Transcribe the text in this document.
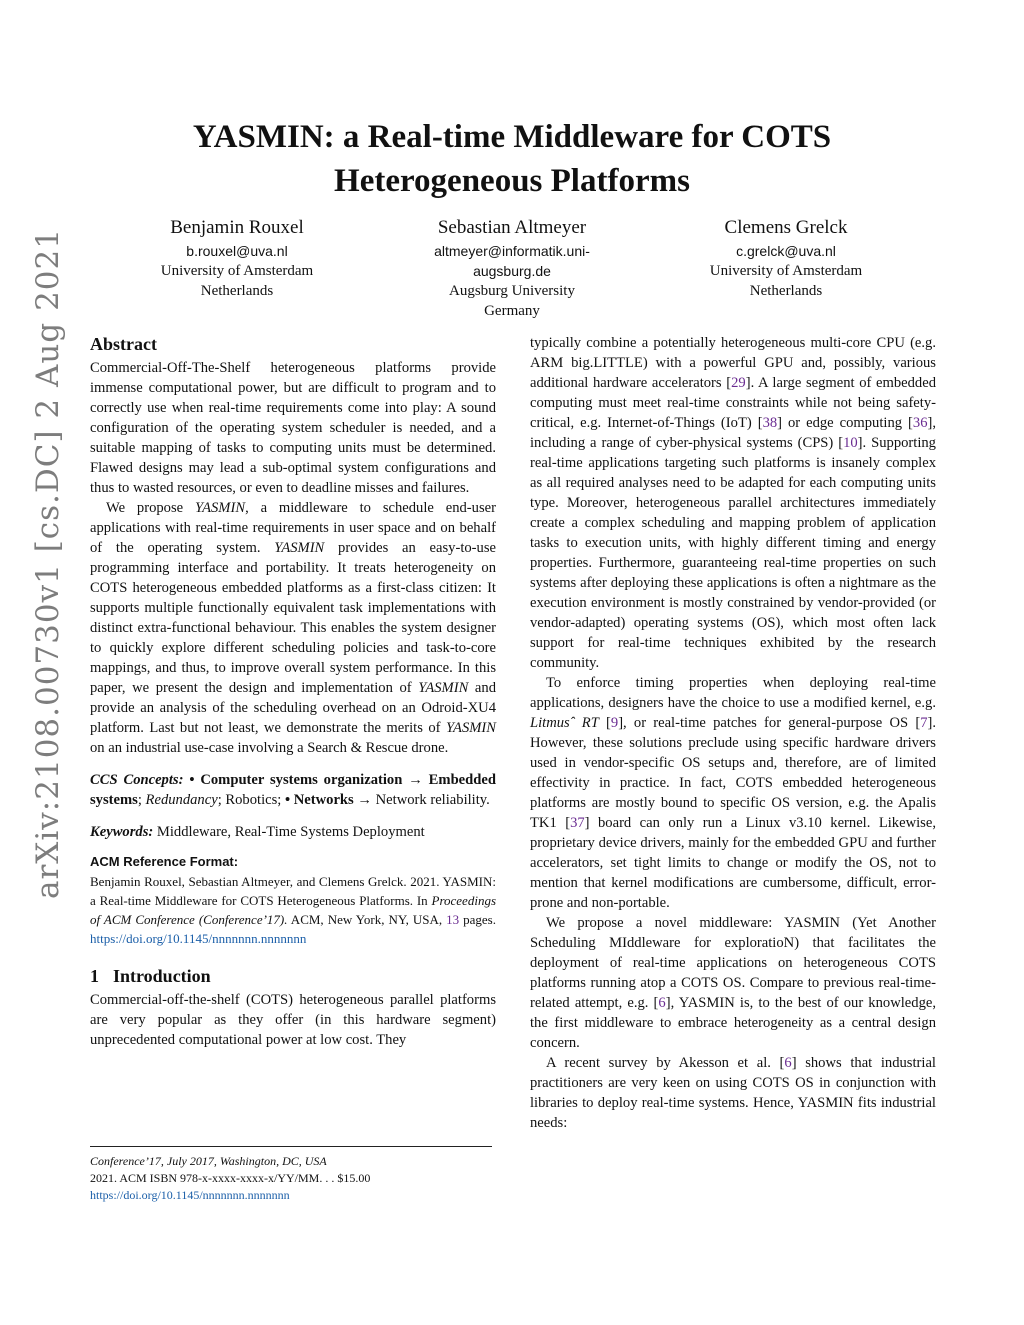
arXiv:2108.00730v1 [cs.DC] 2 Aug 2021
YASMIN: a Real-time Middleware for COTS Heterogeneous Platforms
Benjamin Rouxel
b.rouxel@uva.nl
University of Amsterdam
Netherlands
Sebastian Altmeyer
altmeyer@informatik.uni-augsburg.de
Augsburg University
Germany
Clemens Grelck
c.grelck@uva.nl
University of Amsterdam
Netherlands
Abstract

Commercial-Off-The-Shelf heterogeneous platforms provide immense computational power, but are difficult to program and to correctly use when real-time requirements come into play: A sound configuration of the operating system scheduler is needed, and a suitable mapping of tasks to computing units must be determined. Flawed designs may lead a sub-optimal system configurations and thus to wasted resources, or even to deadline misses and failures.

We propose YASMIN, a middleware to schedule end-user applications with real-time requirements in user space and on behalf of the operating system. YASMIN provides an easy-to-use programming interface and portability. It treats heterogeneity on COTS heterogeneous embedded platforms as a first-class citizen: It supports multiple functionally equivalent task implementations with distinct extra-functional behaviour. This enables the system designer to quickly explore different scheduling policies and task-to-core mappings, and thus, to improve overall system performance. In this paper, we present the design and implementation of YASMIN and provide an analysis of the scheduling overhead on an Odroid-XU4 platform. Last but not least, we demonstrate the merits of YASMIN on an industrial use-case involving a Search & Rescue drone.

CCS Concepts: • Computer systems organization → Embedded systems; Redundancy; Robotics; • Networks → Network reliability.

Keywords: Middleware, Real-Time Systems Deployment

ACM Reference Format:

Benjamin Rouxel, Sebastian Altmeyer, and Clemens Grelck. 2021. YASMIN: a Real-time Middleware for COTS Heterogeneous Platforms. In Proceedings of ACM Conference (Conference’17). ACM, New York, NY, USA, 13 pages. https://doi.org/10.1145/nnnnnnn.nnnnnnn

1 Introduction

Commercial-off-the-shelf (COTS) heterogeneous parallel platforms are very popular as they offer (in this hardware segment) unprecedented computational power at low cost. They

typically combine a potentially heterogeneous multi-core CPU (e.g. ARM big.LITTLE) with a powerful GPU and, possibly, various additional hardware accelerators [29]. A large segment of embedded computing must meet real-time constraints while not being safety-critical, e.g. Internet-of-Things (IoT) [38] or edge computing [36], including a range of cyber-physical systems (CPS) [10]. Supporting real-time applications targeting such platforms is insanely complex as all required analyses need to be adapted for each computing units type. Moreover, heterogeneous parallel architectures immediately create a complex scheduling and mapping problem of application tasks to execution units, with highly different timing and energy properties. Furthermore, guaranteeing real-time properties on such systems after deploying these applications is often a nightmare as the execution environment is mostly constrained by vendor-provided (or vendor-adapted) operating systems (OS), which most often lack support for real-time techniques exhibited by the research community.

To enforce timing properties when deploying real-time applications, designers have the choice to use a modified kernel, e.g. Litmusˆ RT [9], or real-time patches for general-purpose OS [7]. However, these solutions preclude using specific hardware drivers used in vendor-specific OS setups and, therefore, are of limited effectivity in practice. In fact, COTS embedded heterogeneous platforms are mostly bound to specific OS version, e.g. the Apalis TK1 [37] board can only run a Linux v3.10 kernel. Likewise, proprietary device drivers, mainly for the embedded GPU and further accelerators, set tight limits to change or modify the OS, not to mention that kernel modifications are cumbersome, difficult, error-prone and non-portable.

We propose a novel middleware: YASMIN (Yet Another Scheduling MIddleware for exploratioN) that facilitates the deployment of real-time applications on heterogeneous COTS platforms running atop a COTS OS. Compare to previous real-time-related attempt, e.g. [6], YASMIN is, to the best of our knowledge, the first middleware to embrace heterogeneity as a central design concern.

A recent survey by Akesson et al. [6] shows that industrial practitioners are very keen on using COTS OS in conjunction with libraries to deploy real-time systems. Hence, YASMIN fits industrial needs:

Conference’17, July 2017, Washington, DC, USA
2021. ACM ISBN 978-x-xxxx-xxxx-x/YY/MM. . . $15.00
https://doi.org/10.1145/nnnnnnn.nnnnnnn
